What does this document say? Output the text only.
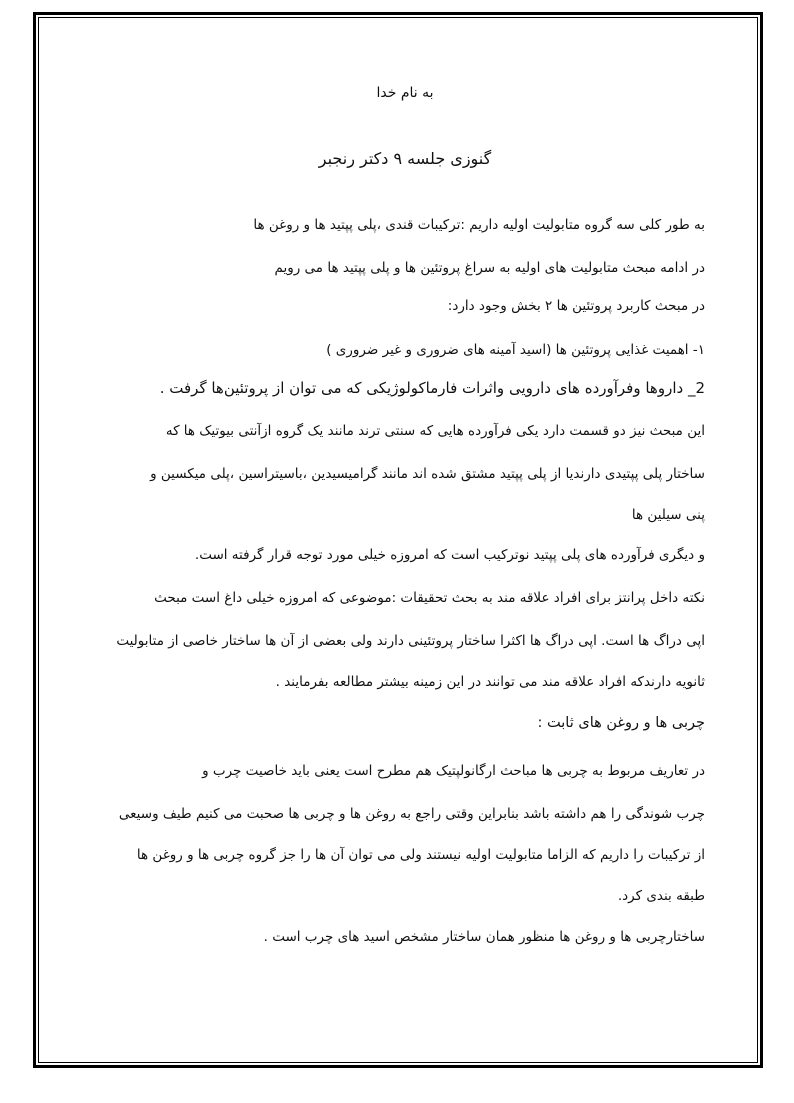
به نام خدا
گنوزی جلسه ۹ دکتر رنجبر
به طور کلی سه گروه متابولیت اولیه داریم :ترکیبات قندی ،پلی پپتید ها و روغن ها
در ادامه مبحث متابولیت های اولیه به سراغ پروتئین ها و پلی پپتید ها می رویم
در مبحث کاربرد پروتئین ها ۲ بخش وجود دارد:
۱- اهمیت غذایی پروتئین ها (اسید آمینه های ضروری و غیر ضروری )
2_ داروها وفرآورده های دارویی واثرات فارماکولوژیکی که می توان از پروتئین‌ها گرفت .
این مبحث نیز دو قسمت دارد یکی فرآورده هایی که سنتی ترند مانند یک گروه ازآنتی بیوتیک ها که
ساختار پلی پپتیدی دارندیا از پلی پپتید مشتق شده اند مانند گرامیسیدین ،باسیتراسین ،پلی میکسین و
پنی سیلین ها
و دیگری فرآورده های پلی پپتید نوترکیب است که امروزه خیلی مورد توجه قرار گرفته است.
نکته داخل پرانتز برای افراد علاقه مند به بحث تحقیقات :موضوعی که امروزه خیلی داغ است مبحث
اپی دراگ ها است. اپی دراگ ها اکثرا ساختار پروتئینی دارند ولی بعضی از آن ها ساختار خاصی از متابولیت
ثانویه دارندکه افراد علاقه مند می توانند در این زمینه بیشتر مطالعه بفرمایند .
چربی ها و روغن های ثابت :
در تعاریف مربوط به چربی ها مباحث ارگانولپتیک هم مطرح است یعنی باید خاصیت چرب و
چرب شوندگی را هم داشته باشد بنابراین وقتی راجع به روغن ها و چربی ها صحبت می کنیم طیف وسیعی
از ترکیبات را داریم که الزاما متابولیت اولیه نیستند ولی می توان آن ها را جز گروه چربی ها و روغن ها
طبقه بندی کرد.
ساختارچربی ها و روغن ها منظور همان ساختار مشخص اسید های چرب است .
